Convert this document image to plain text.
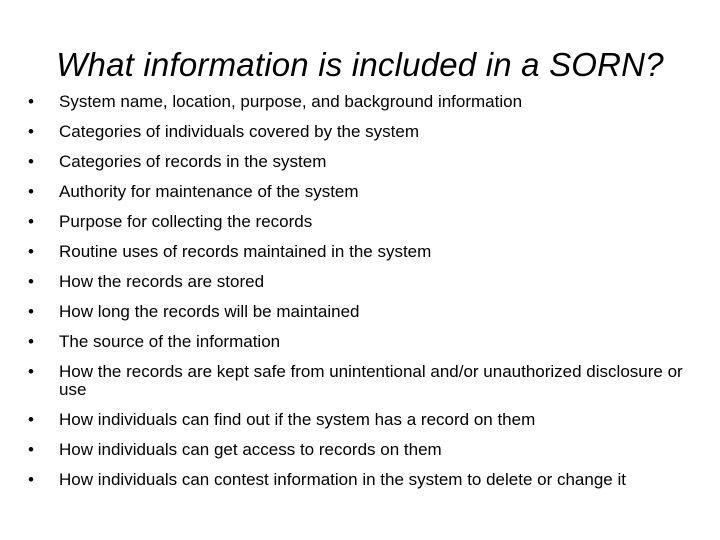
What information is included in a SORN?
• System name, location, purpose, and background information
• Categories of individuals covered by the system
• Categories of records in the system
• Authority for maintenance of the system
• Purpose for collecting the records
• Routine uses of records maintained in the system
• How the records are stored
• How long the records will be maintained
• The source of the information
• How the records are kept safe from unintentional and/or unauthorized disclosure or use
• How individuals can find out if the system has a record on them
• How individuals can get access to records on them
• How individuals can contest information in the system to delete or change it
